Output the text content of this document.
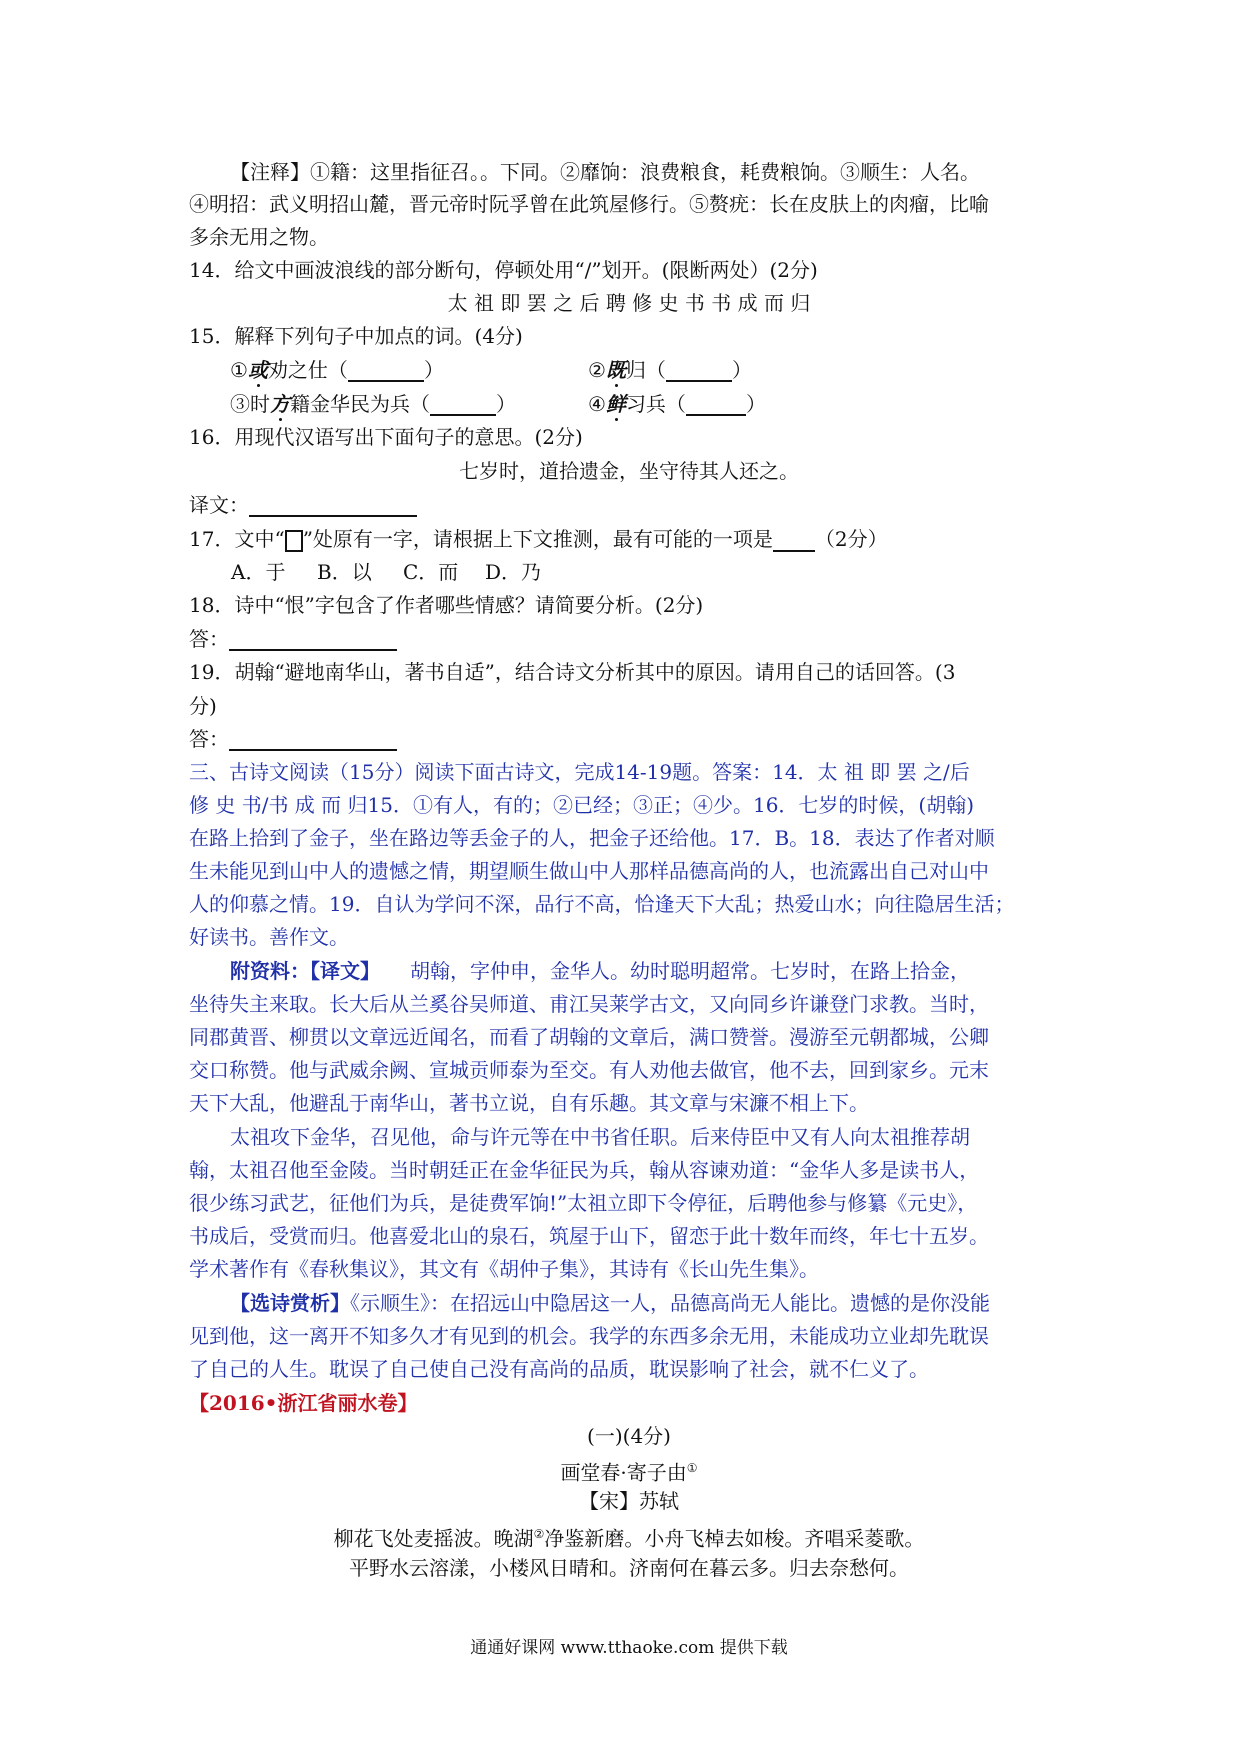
【注释】①籍：这里指征召。。下同。②靡饷：浪费粮食，耗费粮饷。③顺生：人名。
④明招：武义明招山麓，晋元帝时阮孚曾在此筑屋修行。⑤赘疣：长在皮肤上的肉瘤，比喻
多余无用之物。
14．给文中画波浪线的部分断句，停顿处用“/”划开。(限断两处）(2分)
太 祖 即 罢 之 后 聘 修 史 书 书 成 而 归
15．解释下列句子中加点的词。(4分)
①或劝之仕（	）	②既归（	）
③时方籍金华民为兵（	）	④鲜习兵（	）
16．用现代汉语写出下面句子的意思。(2分)
七岁时，道拾遗金，坐守待其人还之。
译文：
17．文中“ ”处原有一字，请根据上下文推测，最有可能的一项是 （2分）
A．于 B．以 C．而 D．乃
18．诗中“恨”字包含了作者哪些情感？请简要分析。(2分)
答：
19．胡翰“避地南华山，著书自适”，结合诗文分析其中的原因。请用自己的话回答。(3
分)
答：
三、古诗文阅读（15分）阅读下面古诗文，完成14-19题。答案：14．太 祖 即 罢 之/后
修 史 书/书 成 而 归15．①有人，有的；②已经；③正；④少。16．七岁的时候，(胡翰)
在路上拾到了金子，坐在路边等丢金子的人，把金子还给他。17．B。18．表达了作者对顺
生未能见到山中人的遗憾之情，期望顺生做山中人那样品德高尚的人，也流露出自己对山中
人的仰慕之情。19．自认为学问不深，品行不高，恰逢天下大乱；热爱山水；向往隐居生活；
好读书。善作文。
附资料：【译文】 胡翰，字仲申，金华人。幼时聪明超常。七岁时，在路上拾金，
坐待失主来取。长大后从兰奚谷吴师道、甫江吴莱学古文，又向同乡许谦登门求教。当时，
同郡黄晋、柳贯以文章远近闻名，而看了胡翰的文章后，满口赞誉。漫游至元朝都城，公卿
交口称赞。他与武威余阙、宣城贡师泰为至交。有人劝他去做官，他不去，回到家乡。元末
天下大乱，他避乱于南华山，著书立说，自有乐趣。其文章与宋濂不相上下。
太祖攻下金华，召见他，命与许元等在中书省任职。后来侍臣中又有人向太祖推荐胡
翰，太祖召他至金陵。当时朝廷正在金华征民为兵，翰从容谏劝道：“金华人多是读书人，
很少练习武艺，征他们为兵，是徒费军饷!”太祖立即下令停征，后聘他参与修纂《元史》，
书成后，受赏而归。他喜爱北山的泉石，筑屋于山下，留恋于此十数年而终，年七十五岁。
学术著作有《春秋集议》，其文有《胡仲子集》，其诗有《长山先生集》。
【选诗赏析】《示顺生》：在招远山中隐居这一人，品德高尚无人能比。遗憾的是你没能
见到他，这一离开不知多久才有见到的机会。我学的东西多余无用，未能成功立业却先耽误
了自己的人生。耽误了自己使自己没有高尚的品质，耽误影响了社会，就不仁义了。
【2016•浙江省丽水卷】
(一)(4分)
画堂春·寄子由①
【宋】苏轼
柳花飞处麦摇波。晚湖②净鉴新磨。小舟飞棹去如梭。齐唱采菱歌。
平野水云溶漾，小楼风日晴和。济南何在暮云多。归去奈愁何。
通通好课网 www.tthaoke.com 提供下载
